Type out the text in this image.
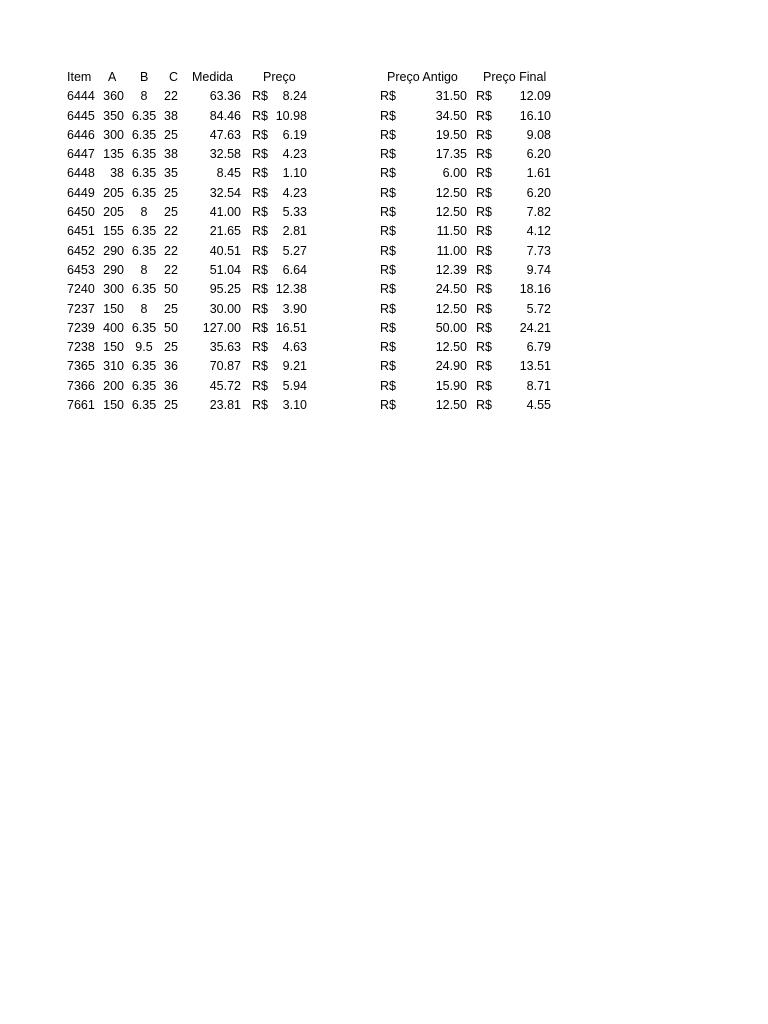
Item A B C Medida Preço	Preço Antigo Preço Final
6444 360	8	22	63.36 R$ 8.24	R$	31.50 R$ 12.09
6445 350 6.35 38	84.46 R$ 10.98	R$	34.50 R$ 16.10
6446 300 6.35 25	47.63 R$ 6.19	R$	19.50 R$	9.08
6447 135 6.35 38	32.58 R$ 4.23	R$	17.35 R$	6.20
6448 38 6.35 35	8.45 R$ 1.10	R$	6.00 R$	1.61
6449 205 6.35 25	32.54 R$ 4.23	R$	12.50 R$	6.20
6450 205	8	25	41.00 R$ 5.33	R$	12.50 R$	7.82
6451 155 6.35 22	21.65 R$ 2.81	R$	11.50 R$	4.12
6452 290 6.35 22	40.51 R$ 5.27	R$	11.00 R$	7.73
6453 290	8	22	51.04 R$ 6.64	R$	12.39 R$	9.74
7240 300 6.35 50	95.25 R$ 12.38	R$	24.50 R$ 18.16
7237 150	8	25	30.00 R$ 3.90	R$	12.50 R$	5.72
7239 400 6.35 50 127.00 R$ 16.51	R$	50.00 R$ 24.21
7238 150 9.5 25	35.63 R$ 4.63	R$	12.50 R$	6.79
7365 310 6.35 36	70.87 R$ 9.21	R$	24.90 R$ 13.51
7366 200 6.35 36	45.72 R$ 5.94	R$	15.90 R$	8.71
7661 150 6.35 25	23.81 R$ 3.10	R$	12.50 R$	4.55
